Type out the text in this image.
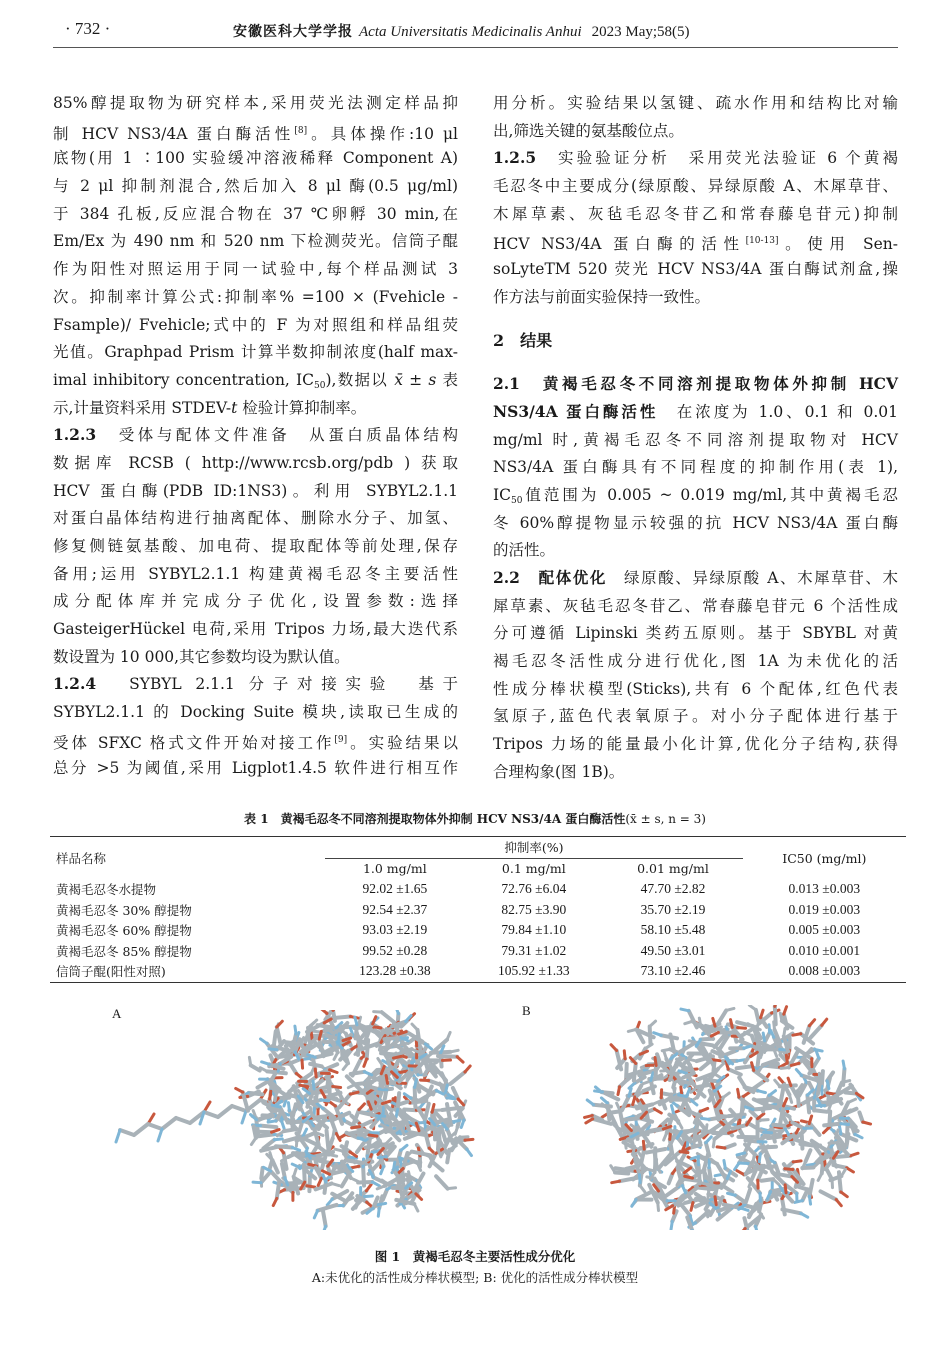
· 732 ·	安徽医科大学学报 Acta Universitatis Medicinalis Anhui 2023 May;58(5)
85%醇提取物为研究样本,采用荧光法测定样品抑
制 HCV NS3/4A 蛋白酶活性[8]。具体操作:10 μl
底物(用 1 ∶100 实验缓冲溶液稀释 Component A)
与 2 μl 抑制剂混合,然后加入 8 μl 酶(0.5 μg/ml)
于 384 孔板,反应混合物在 37 ℃卵孵 30 min,在
Em/Ex 为 490 nm 和 520 nm 下检测荧光。信筒子醌
作为阳性对照运用于同一试验中,每个样品测试 3
次。抑制率计算公式:抑制率% =100 × (Fvehicle -
Fsample)/ Fvehicle;式中的 F 为对照组和样品组荧
光值。Graphpad Prism 计算半数抑制浓度(half max-
imal inhibitory concentration, $IC_{50}$),数据以 x̄ ± s 表
示,计量资料采用 STDEV-t 检验计算抑制率。
1.2.3　受体与配体文件准备　从蛋白质晶体结构
数据库 RCSB ( http://www.rcsb.org/pdb ) 获取
HCV 蛋白酶(PDB ID:1NS3)。利用 SYBYL2.1.1
对蛋白晶体结构进行抽离配体、删除水分子、加氢、
修复侧链氨基酸、加电荷、提取配体等前处理,保存
备用;运用 SYBYL2.1.1 构建黄褐毛忍冬主要活性
成分配体库并完成分子优化,设置参数:选择
GasteigerHückel 电荷,采用 Tripos 力场,最大迭代系
数设置为 10 000,其它参数均设为默认值。
1.2.4　SYBYL 2.1.1 分子对接实验　基于
SYBYL2.1.1 的 Docking Suite 模块,读取已生成的
受体 SFXC 格式文件开始对接工作[9]。实验结果以
总分 >5 为阈值,采用 Ligplot1.4.5 软件进行相互作
用分析。实验结果以氢键、疏水作用和结构比对输
出,筛选关键的氨基酸位点。
1.2.5　实验验证分析　采用荧光法验证 6 个黄褐
毛忍冬中主要成分(绿原酸、异绿原酸 A、木犀草苷、
木犀草素、灰毡毛忍冬苷乙和常春藤皂苷元)抑制
HCV NS3/4A 蛋白酶的活性[10-13]。使用 Sen-
soLyteTM 520 荧光 HCV NS3/4A 蛋白酶试剂盒,操
作方法与前面实验保持一致性。
2　结果
2.1　黄褐毛忍冬不同溶剂提取物体外抑制 HCV
NS3/4A 蛋白酶活性　在浓度为 1.0、0.1 和 0.01
mg/ml 时,黄褐毛忍冬不同溶剂提取物对 HCV
NS3/4A 蛋白酶具有不同程度的抑制作用(表 1),
$IC_{50}$值范围为 0.005 ~ 0.019 mg/ml,其中黄褐毛忍
冬 60%醇提物显示较强的抗 HCV NS3/4A 蛋白酶
的活性。
2.2　配体优化　绿原酸、异绿原酸 A、木犀草苷、木
犀草素、灰毡毛忍冬苷乙、常春藤皂苷元 6 个活性成
分可遵循 Lipinski 类药五原则。基于 SBYBL 对黄
褐毛忍冬活性成分进行优化,图 1A 为未优化的活
性成分棒状模型(Sticks),共有 6 个配体,红色代表
氢原子,蓝色代表氧原子。对小分子配体进行基于
Tripos 力场的能量最小化计算,优化分子结构,获得
合理构象(图 1B)。
表 1　 黄褐毛忍冬不同溶剂提取物体外抑制 HCV NS3/4A 蛋白酶活性(x̄ ± s, n = 3)
样品名称	抑制率(%)			IC50 (mg/ml)
	1.0 mg/ml	0.1 mg/ml	0.01 mg/ml	
黄褐毛忍冬水提物	92.02 ±1.65	72.76 ±6.04	47.70 ±2.82	0.013 ±0.003
黄褐毛忍冬 30% 醇提物	92.54 ±2.37	82.75 ±3.90	35.70 ±2.19	0.019 ±0.003
黄褐毛忍冬 60% 醇提物	93.03 ±2.19	79.84 ±1.10	58.10 ±5.48	0.005 ±0.003
黄褐毛忍冬 85% 醇提物	99.52 ±0.28	79.31 ±1.02	49.50 ±3.01	0.010 ±0.001
信筒子醌(阳性对照)	123.28 ±0.38	105.92 ±1.33	73.10 ±2.46	0.008 ±0.003
A	B
图 1　 黄褐毛忍冬主要活性成分优化
A:未优化的活性成分棒状模型; B: 优化的活性成分棒状模型
